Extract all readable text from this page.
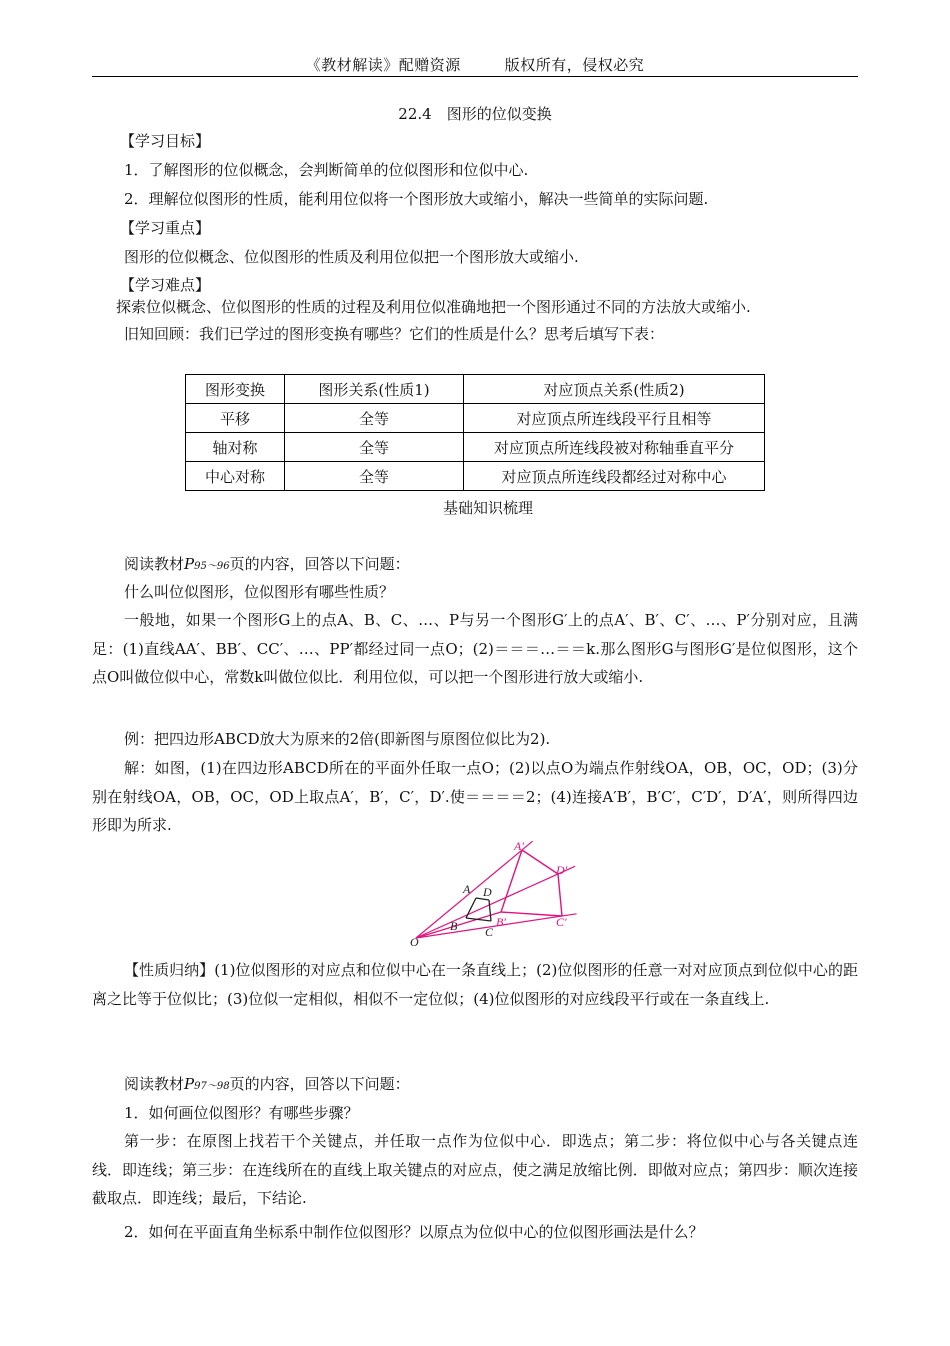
《教材解读》配赠资源	版权所有，侵权必究
22.4　图形的位似变换
【学习目标】
1．了解图形的位似概念，会判断简单的位似图形和位似中心.
2．理解位似图形的性质，能利用位似将一个图形放大或缩小，解决一些简单的实际问题.
【学习重点】
图形的位似概念、位似图形的性质及利用位似把一个图形放大或缩小.
【学习难点】
探索位似概念、位似图形的性质的过程及利用位似准确地把一个图形通过不同的方法放大或缩小.
旧知回顾：我们已学过的图形变换有哪些？它们的性质是什么？思考后填写下表：
图形变换	图形关系(性质1)	对应顶点关系(性质2)
平移	全等	对应顶点所连线段平行且相等
轴对称	全等	对应顶点所连线段被对称轴垂直平分
中心对称	全等	对应顶点所连线段都经过对称中心
基础知识梳理
阅读教材P95～96页的内容，回答以下问题：
什么叫位似图形，位似图形有哪些性质？
一般地，如果一个图形G上的点A、B、C、…、P与另一个图形G′上的点A′、B′、C′、…、P′分别对应，且满足：(1)直线AA′、BB′、CC′、…、PP′都经过同一点O；(2)＝＝＝…＝＝k.那么图形G与图形G′是位似图形，这个点O叫做位似中心，常数k叫做位似比．利用位似，可以把一个图形进行放大或缩小.
例：把四边形ABCD放大为原来的2倍(即新图与原图位似比为2).
解：如图，(1)在四边形ABCD所在的平面外任取一点O；(2)以点O为端点作射线OA，OB，OC，OD；(3)分别在射线OA，OB，OC，OD上取点A′，B′，C′，D′.使＝＝＝＝2；(4)连接A′B′，B′C′，C′D′，D′A′，则所得四边形即为所求.
O
A
B C
D
A′
B′	C′
D′
【性质归纳】(1)位似图形的对应点和位似中心在一条直线上；(2)位似图形的任意一对对应顶点到位似中心的距离之比等于位似比；(3)位似一定相似，相似不一定位似；(4)位似图形的对应线段平行或在一条直线上.
阅读教材P97～98页的内容，回答以下问题：
1．如何画位似图形？有哪些步骤？
第一步：在原图上找若干个关键点，并任取一点作为位似中心．即选点；第二步：将位似中心与各关键点连线．即连线；第三步：在连线所在的直线上取关键点的对应点，使之满足放缩比例．即做对应点；第四步：顺次连接截取点．即连线；最后，下结论.
2．如何在平面直角坐标系中制作位似图形？以原点为位似中心的位似图形画法是什么？
